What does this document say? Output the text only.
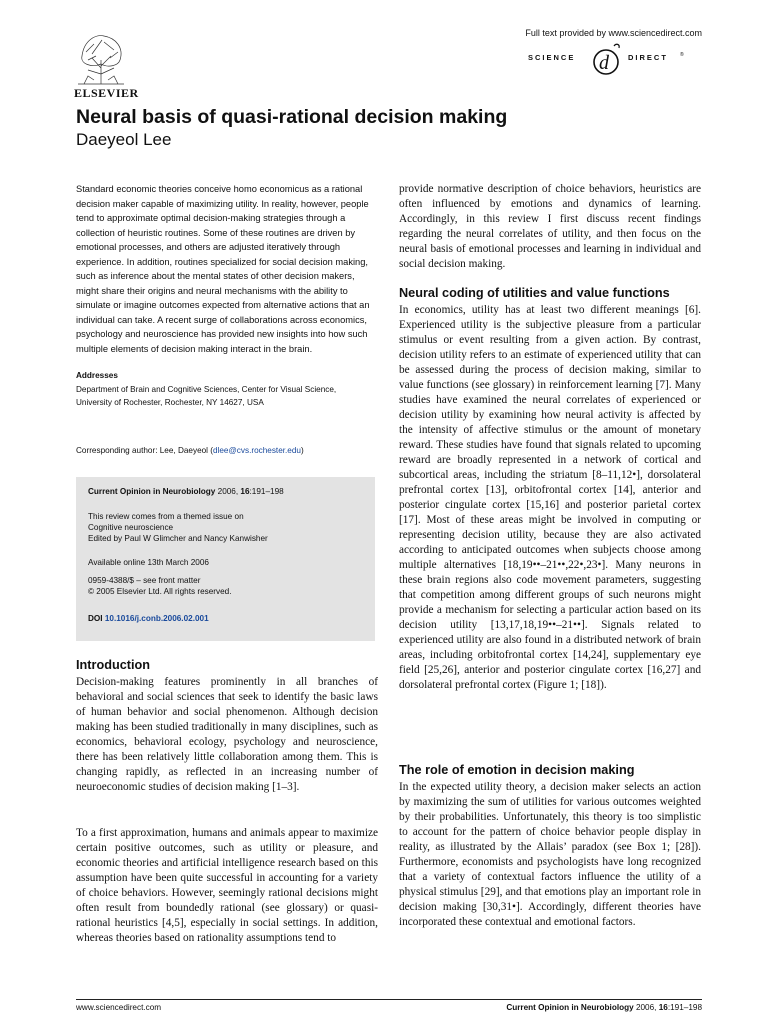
ELSEVIER
Full text provided by www.sciencedirect.com
SCIENCE d	DIRECT ®
Neural basis of quasi-rational decision making
Daeyeol Lee
Standard economic theories conceive homo economicus as a rational decision maker capable of maximizing utility. In reality, however, people tend to approximate optimal decision-making strategies through a collection of heuristic routines. Some of these routines are driven by emotional processes, and others are adjusted iteratively through experience. In addition, routines specialized for social decision making, such as inference about the mental states of other decision makers, might share their origins and neural mechanisms with the ability to simulate or imagine outcomes expected from alternative actions that an individual can take. A recent surge of collaborations across economics, psychology and neuroscience has provided new insights into how such multiple elements of decision making interact in the brain.
Addresses
Department of Brain and Cognitive Sciences, Center for Visual Science, University of Rochester, Rochester, NY 14627, USA
Corresponding author: Lee, Daeyeol (dlee@cvs.rochester.edu)
Current Opinion in Neurobiology 2006, 16:191–198
This review comes from a themed issue on
Cognitive neuroscience
Edited by Paul W Glimcher and Nancy Kanwisher
Available online 13th March 2006
0959-4388/$ – see front matter
© 2005 Elsevier Ltd. All rights reserved.
DOI 10.1016/j.conb.2006.02.001
Introduction
Decision-making features prominently in all branches of behavioral and social sciences that seek to identify the basic laws of human behavior and social phenomenon. Although decision making has been studied traditionally in many disciplines, such as economics, behavioral ecology, psychology and neuroscience, there has been relatively little collaboration among them. This is changing rapidly, as reflected in an increasing number of neuroeconomic studies of decision making [1–3].
To a first approximation, humans and animals appear to maximize certain positive outcomes, such as utility or pleasure, and economic theories and artificial intelligence research based on this assumption have been quite successful in accounting for a variety of choice behaviors. However, seemingly rational decisions might often result from boundedly rational (see glossary) or quasi-rational heuristics [4,5], especially in social settings. In addition, whereas theories based on rationality assumptions tend to
provide normative description of choice behaviors, heuristics are often influenced by emotions and dynamics of learning. Accordingly, in this review I first discuss recent findings regarding the neural correlates of utility, and then focus on the neural basis of emotional processes and learning in individual and social decision making.
Neural coding of utilities and value functions
In economics, utility has at least two different meanings [6]. Experienced utility is the subjective pleasure from a particular stimulus or event resulting from a given action. By contrast, decision utility refers to an estimate of experienced utility that can be assessed during the process of decision making, similar to value functions (see glossary) in reinforcement learning [7]. Many studies have examined the neural correlates of experienced or decision utility by examining how neural activity is affected by the intensity of affective stimulus or the amount of monetary reward. These studies have found that signals related to upcoming reward are broadly represented in a network of cortical and subcortical areas, including the striatum [8–11,12•], dorsolateral prefrontal cortex [13], orbitofrontal cortex [14], anterior and posterior cingulate cortex [15,16] and posterior parietal cortex [17]. Most of these areas might be involved in computing or representing decision utility, because they are also activated according to anticipated outcomes when subjects choose among multiple alternatives [18,19••–21••,22•,23•]. Many neurons in these brain regions also code movement parameters, suggesting that competition among different groups of such neurons might provide a mechanism for selecting a particular action based on its decision utility [13,17,18,19••–21••]. Signals related to experienced utility are also found in a distributed network of brain areas, including orbitofrontal cortex [14,24], supplementary eye field [25,26], anterior and posterior cingulate cortex [16,27] and dorsolateral prefrontal cortex (Figure 1; [18]).
The role of emotion in decision making
In the expected utility theory, a decision maker selects an action by maximizing the sum of utilities for various outcomes weighted by their probabilities. Unfortunately, this theory is too simplistic to account for the pattern of choice behavior people display in reality, as illustrated by the Allais’ paradox (see Box 1; [28]). Furthermore, economists and psychologists have long recognized that a variety of contextual factors influence the utility of a physical stimulus [29], and that emotions play an important role in decision making [30,31•]. Accordingly, different theories have incorporated these contextual and emotional factors.
www.sciencedirect.com	Current Opinion in Neurobiology 2006, 16:191–198
